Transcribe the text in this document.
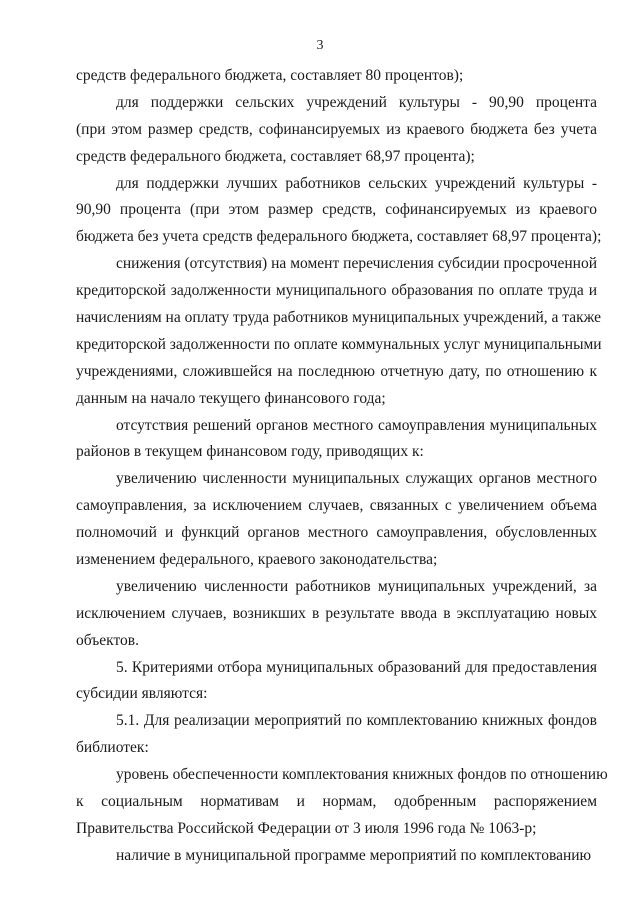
3
средств федерального бюджета, составляет 80 процентов);
для поддержки сельских учреждений культуры - 90,90 процента
(при этом размер средств, софинансируемых из краевого бюджета без учета
средств федерального бюджета, составляет 68,97 процента);
для поддержки лучших работников сельских учреждений культуры -
90,90 процента (при этом размер средств, софинансируемых из краевого
бюджета без учета средств федерального бюджета, составляет 68,97 процента);
снижения (отсутствия) на момент перечисления субсидии просроченной
кредиторской задолженности муниципального образования по оплате труда и
начислениям на оплату труда работников муниципальных учреждений, а также
кредиторской задолженности по оплате коммунальных услуг муниципальными
учреждениями, сложившейся на последнюю отчетную дату, по отношению к
данным на начало текущего финансового года;
отсутствия решений органов местного самоуправления муниципальных
районов в текущем финансовом году, приводящих к:
увеличению численности муниципальных служащих органов местного
самоуправления, за исключением случаев, связанных с увеличением объема
полномочий и функций органов местного самоуправления, обусловленных
изменением федерального, краевого законодательства;
увеличению численности работников муниципальных учреждений, за
исключением случаев, возникших в результате ввода в эксплуатацию новых
объектов.
5. Критериями отбора муниципальных образований для предоставления
субсидии являются:
5.1. Для реализации мероприятий по комплектованию книжных фондов
библиотек:
уровень обеспеченности комплектования книжных фондов по отношению
к социальным нормативам и нормам, одобренным распоряжением
Правительства Российской Федерации от 3 июля 1996 года № 1063-р;
наличие в муниципальной программе мероприятий по комплектованию
